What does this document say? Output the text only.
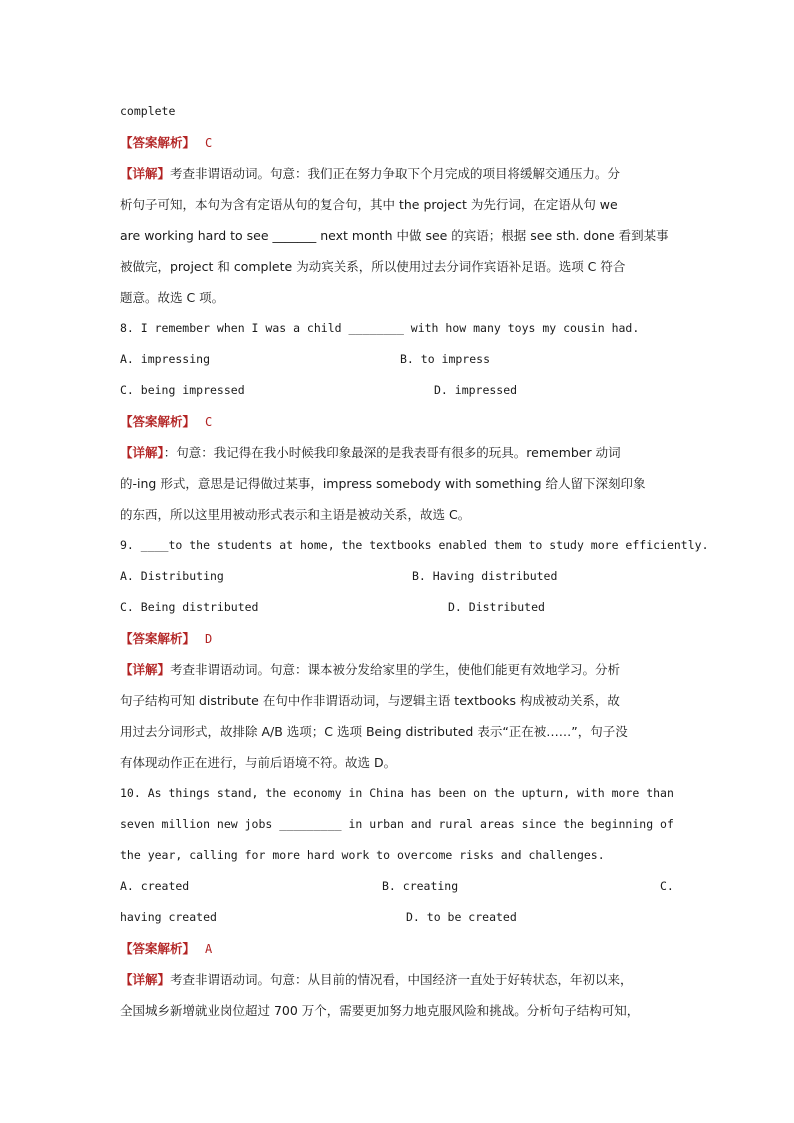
complete
【答案解析】 C
【详解】考查非谓语动词。句意：我们正在努力争取下个月完成的项目将缓解交通压力。分
析句子可知，本句为含有定语从句的复合句，其中 the project 为先行词，在定语从句 we
are working hard to see _______ next month 中做 see 的宾语；根据 see sth. done 看到某事
被做完，project 和 complete 为动宾关系，所以使用过去分词作宾语补足语。选项 C 符合
题意。故选 C 项。
8. I remember when I was a child ________ with how many toys my cousin had.
A. impressing	B. to impress
C. being impressed	D. impressed
【答案解析】 C
【详解】：句意：我记得在我小时候我印象最深的是我表哥有很多的玩具。remember 动词
的-ing 形式，意思是记得做过某事，impress somebody with something 给人留下深刻印象
的东西，所以这里用被动形式表示和主语是被动关系，故选 C。
9. ____to the students at home, the textbooks enabled them to study more efficiently.
A. Distributing	B. Having distributed
C. Being distributed	D. Distributed
【答案解析】 D
【详解】考查非谓语动词。句意：课本被分发给家里的学生，使他们能更有效地学习。分析
句子结构可知 distribute 在句中作非谓语动词，与逻辑主语 textbooks 构成被动关系，故
用过去分词形式，故排除 A/B 选项；C 选项 Being distributed 表示“正在被……”，句子没
有体现动作正在进行，与前后语境不符。故选 D。
10. As things stand, the economy in China has been on the upturn, with more than
seven million new jobs _________ in urban and rural areas since the beginning of
the year, calling for more hard work to overcome risks and challenges.
A. created	B. creating	C.
having created	D. to be created
【答案解析】 A
【详解】考查非谓语动词。句意：从目前的情况看，中国经济一直处于好转状态，年初以来，
全国城乡新增就业岗位超过 700 万个，需要更加努力地克服风险和挑战。分析句子结构可知，
